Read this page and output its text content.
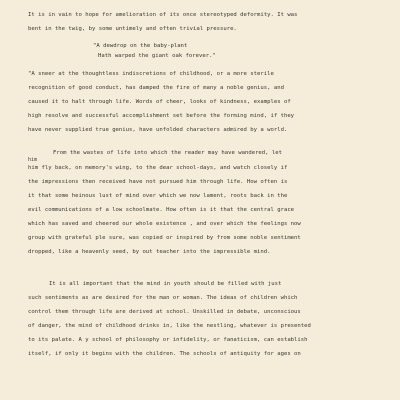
It is in vain to hope for amelioration of its once stereotyped deformity. It was
bent in the twig, by some untimely and often trivial pressure.
"A dewdrop on the baby-plant
Hath warped the giant oak forever."
"A sneer at the thoughtless indiscretions of childhood, or a more sterile
recognition of good conduct, has damped the fire of many a noble genius, and
caused it to halt through life. Words of cheer, looks of kindness, examples of
high resolve and successful accomplishment set before the forming mind, if they
have never supplied true genius, have unfolded characters admired by a world.
him
From the wastes of life into which the reader may have wandered, let
him fly back, on memory's wing, to the dear school-days, and watch closely if
the impressions then received have not pursued him through life. How often is
it that some heinous lust of mind over which we now lament, roots back in the
evil communications of a low schoolmate. How often is it that the central grace
which has saved and cheered our whole existence , and over which the feelings now
group with grateful ple sure, was copied or inspired by from some noble sentiment
dropped, like a heavenly seed, by out teacher into the impressible mind.
It is all important that the mind in youth should be filled with just
such sentiments as are desired for the man or woman. The ideas of children which
control them through life are derived at school. Unskilled in debate, unconscious
of danger, the mind of childhood drinks in, like the nestling, whatever is presented
to its palate. A y school of philosophy or infidelity, or fanaticism, can establish
itself, if only it begins with the children. The schools of antiquity for ages on
